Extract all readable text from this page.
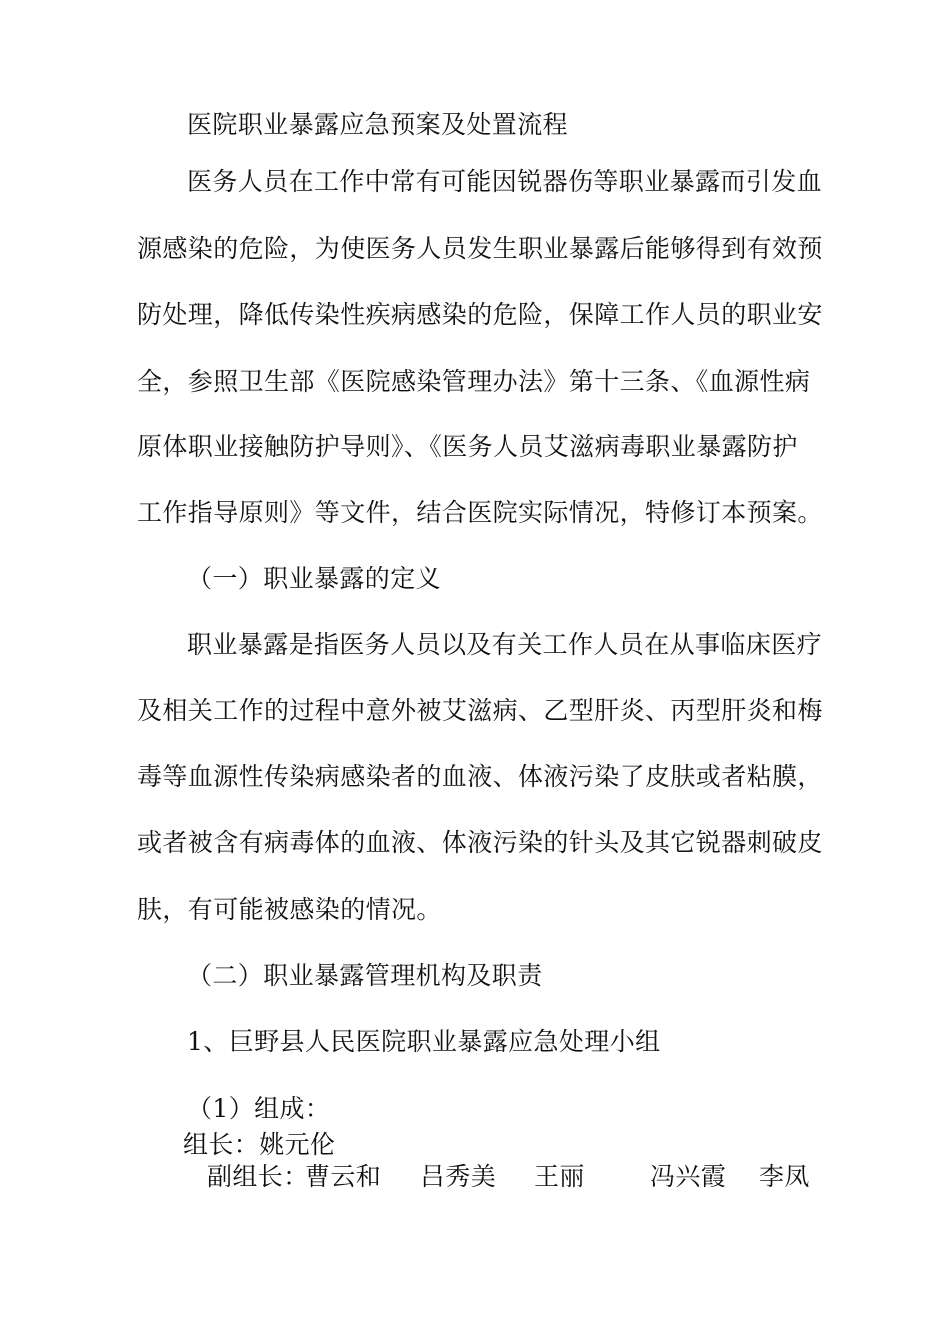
医院职业暴露应急预案及处置流程
医务人员在工作中常有可能因锐器伤等职业暴露而引发血
源感染的危险，为使医务人员发生职业暴露后能够得到有效预
防处理，降低传染性疾病感染的危险，保障工作人员的职业安
全，参照卫生部《医院感染管理办法》第十三条、《血源性病
原体职业接触防护导则》、《医务人员艾滋病毒职业暴露防护
工作指导原则》等文件，结合医院实际情况，特修订本预案。
（一）职业暴露的定义
职业暴露是指医务人员以及有关工作人员在从事临床医疗
及相关工作的过程中意外被艾滋病、乙型肝炎、丙型肝炎和梅
毒等血源性传染病感染者的血液、体液污染了皮肤或者粘膜，
或者被含有病毒体的血液、体液污染的针头及其它锐器刺破皮
肤，有可能被感染的情况。
（二）职业暴露管理机构及职责
1、巨野县人民医院职业暴露应急处理小组
（1）组成：
组长：姚元伦
副组长：
曹云和 吕秀美 王丽	冯兴霞 李凤
